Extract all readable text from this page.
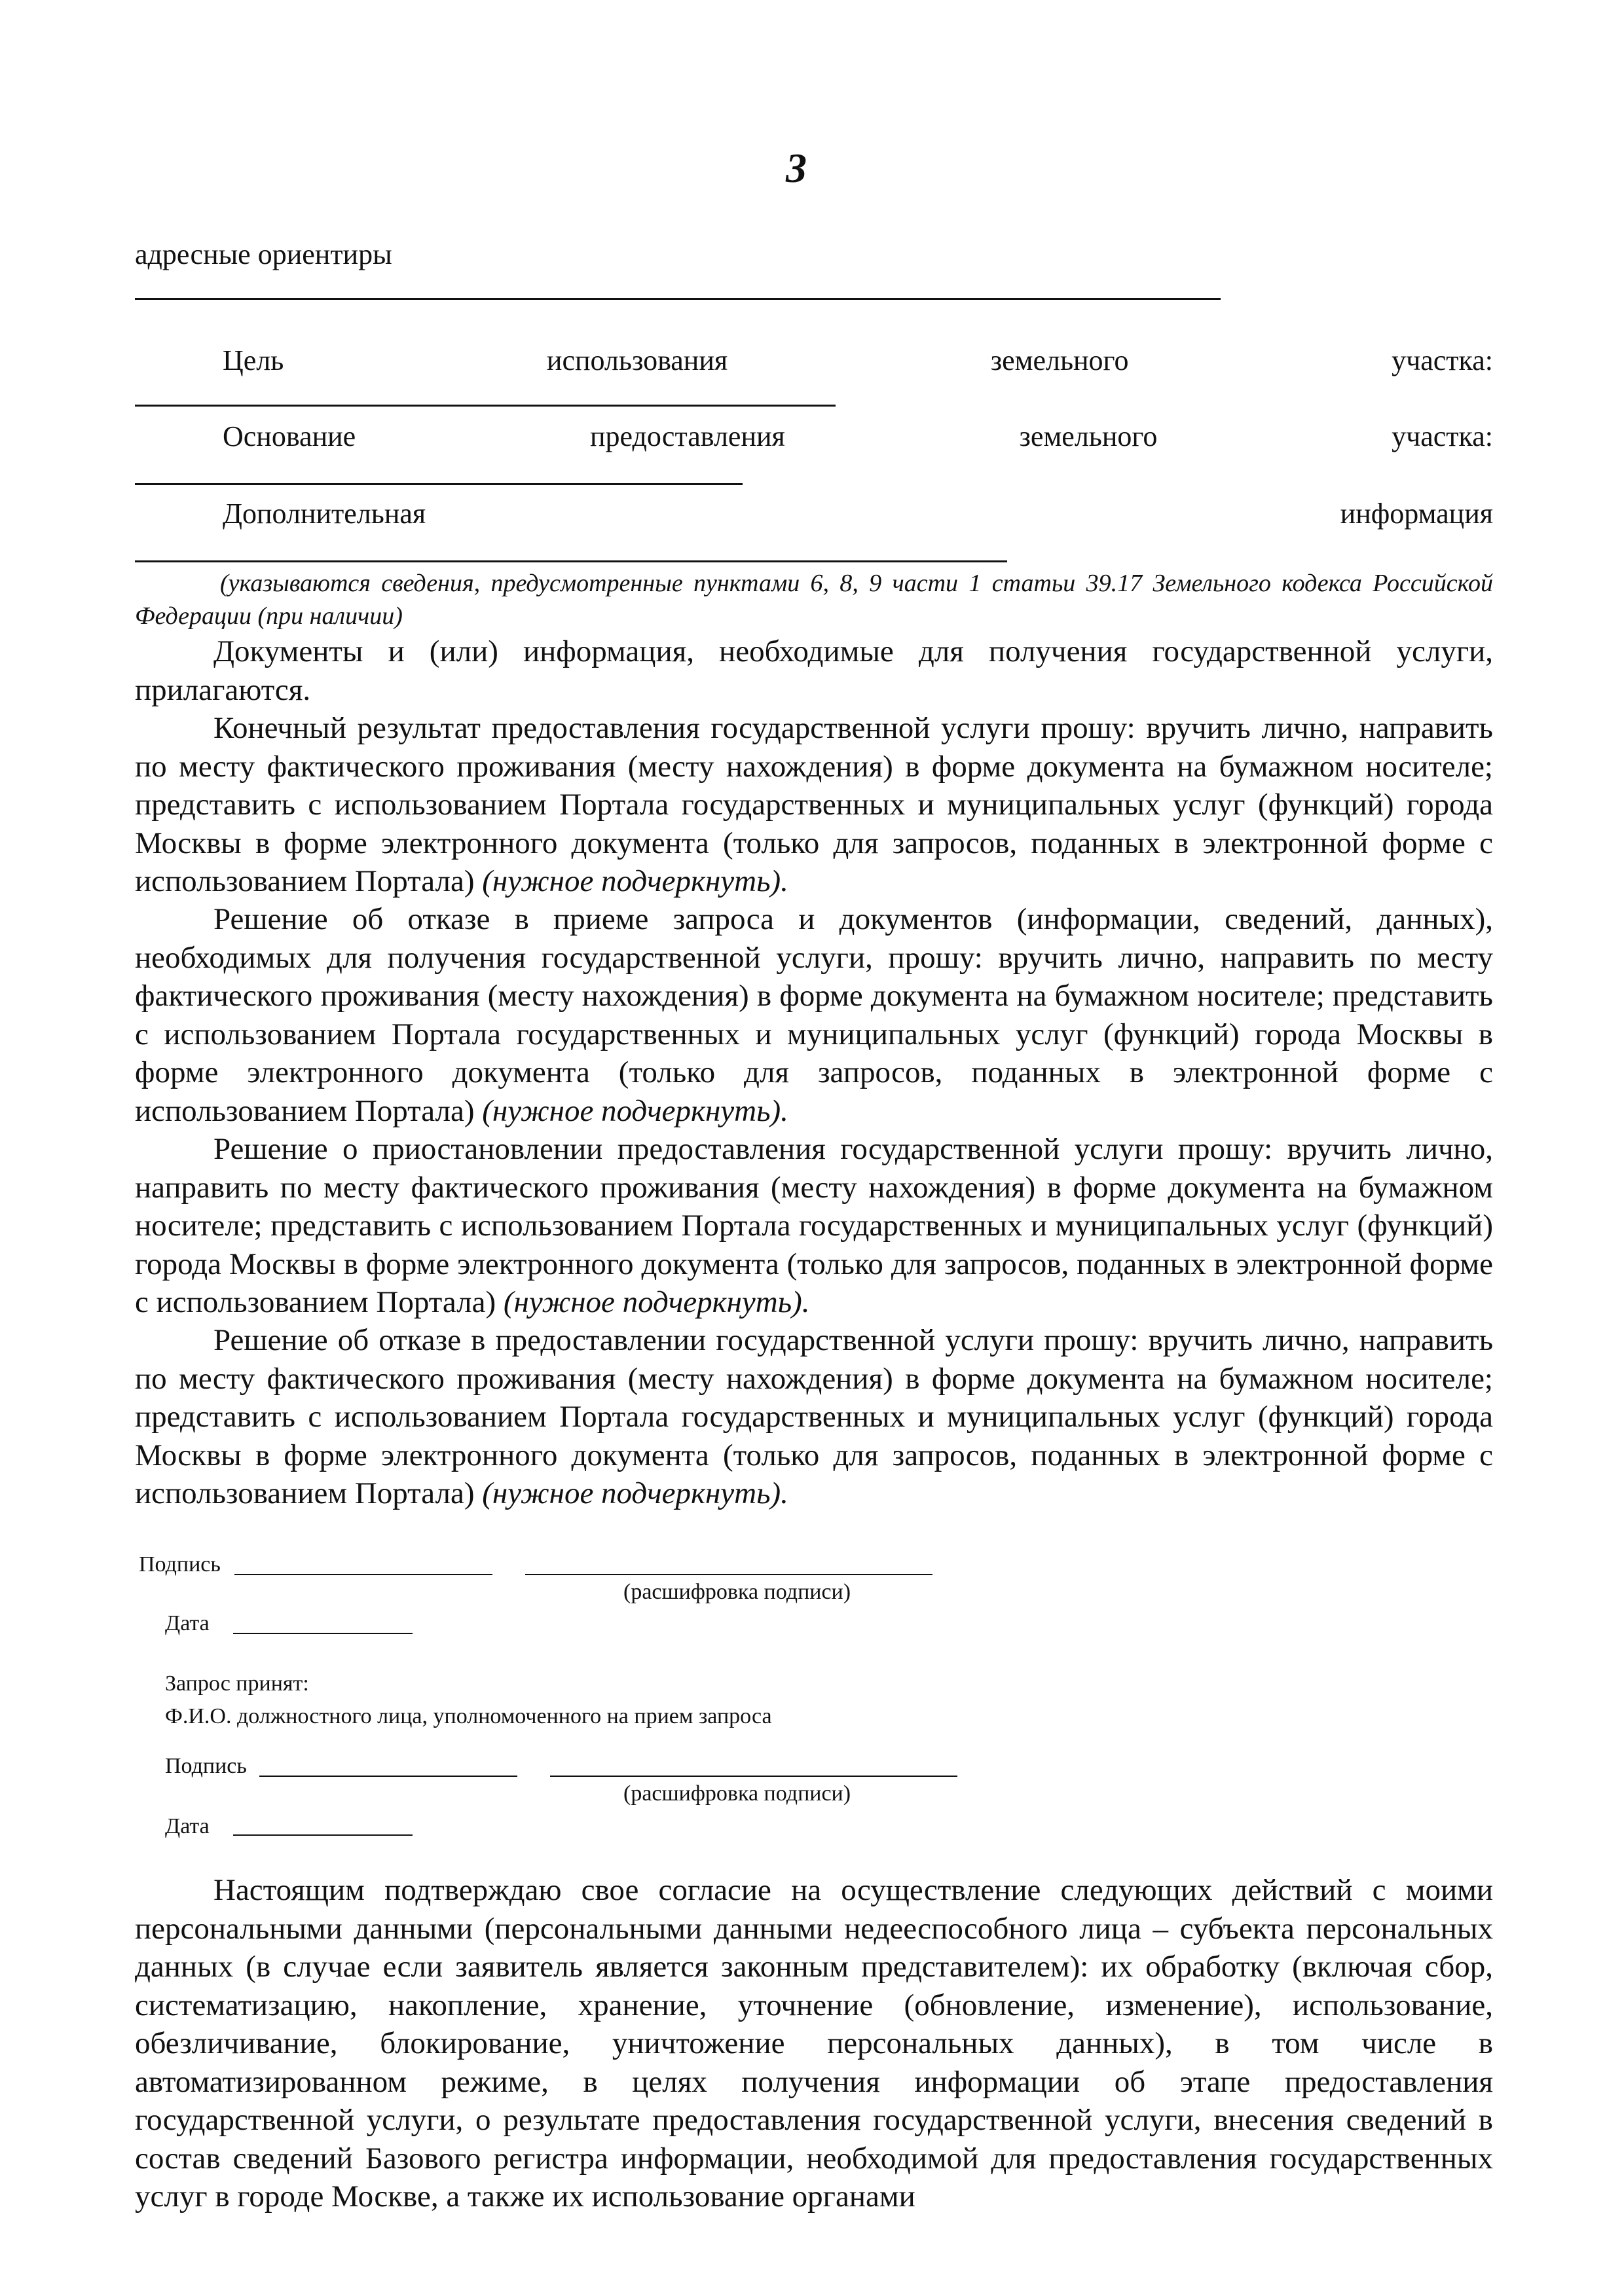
3
адресные ориентиры
Цель	использования	земельного	участка:
Основание	предоставления	земельного	участка:
Дополнительная	информация
(указываются сведения, предусмотренные пунктами 6, 8, 9 части 1 статьи 39.17 Земельного кодекса Российской Федерации (при наличии)
Документы и (или) информация, необходимые для получения государственной услуги, прилагаются.
Конечный результат предоставления государственной услуги прошу: вручить лично, направить по месту фактического проживания (месту нахождения) в форме документа на бумажном носителе; представить с использованием Портала государственных и муниципальных услуг (функций) города Москвы в форме электронного документа (только для запросов, поданных в электронной форме с использованием Портала) (нужное подчеркнуть).
Решение об отказе в приеме запроса и документов (информации, сведений, данных), необходимых для получения государственной услуги, прошу: вручить лично, направить по месту фактического проживания (месту нахождения) в форме документа на бумажном носителе; представить с использованием Портала государственных и муниципальных услуг (функций) города Москвы в форме электронного документа (только для запросов, поданных в электронной форме с использованием Портала) (нужное подчеркнуть).
Решение о приостановлении предоставления государственной услуги прошу: вручить лично, направить по месту фактического проживания (месту нахождения) в форме документа на бумажном носителе; представить с использованием Портала государственных и муниципальных услуг (функций) города Москвы в форме электронного документа (только для запросов, поданных в электронной форме с использованием Портала) (нужное подчеркнуть).
Решение об отказе в предоставлении государственной услуги прошу: вручить лично, направить по месту фактического проживания (месту нахождения) в форме документа на бумажном носителе; представить с использованием Портала государственных и муниципальных услуг (функций) города Москвы в форме электронного документа (только для запросов, поданных в электронной форме с использованием Портала) (нужное подчеркнуть).
Подпись
(расшифровка подписи)
Дата
Запрос принят:
Ф.И.О. должностного лица, уполномоченного на прием запроса
Подпись
(расшифровка подписи)
Дата
Настоящим подтверждаю свое согласие на осуществление следующих действий с моими персональными данными (персональными данными недееспособного лица – субъекта персональных данных (в случае если заявитель является законным представителем): их обработку (включая сбор, систематизацию, накопление, хранение, уточнение (обновление, изменение), использование, обезличивание, блокирование, уничтожение персональных данных), в том числе в автоматизированном режиме, в целях получения информации об этапе предоставления государственной услуги, о результате предоставления государственной услуги, внесения сведений в состав сведений Базового регистра информации, необходимой для предоставления государственных услуг в городе Москве, а также их использование органами
